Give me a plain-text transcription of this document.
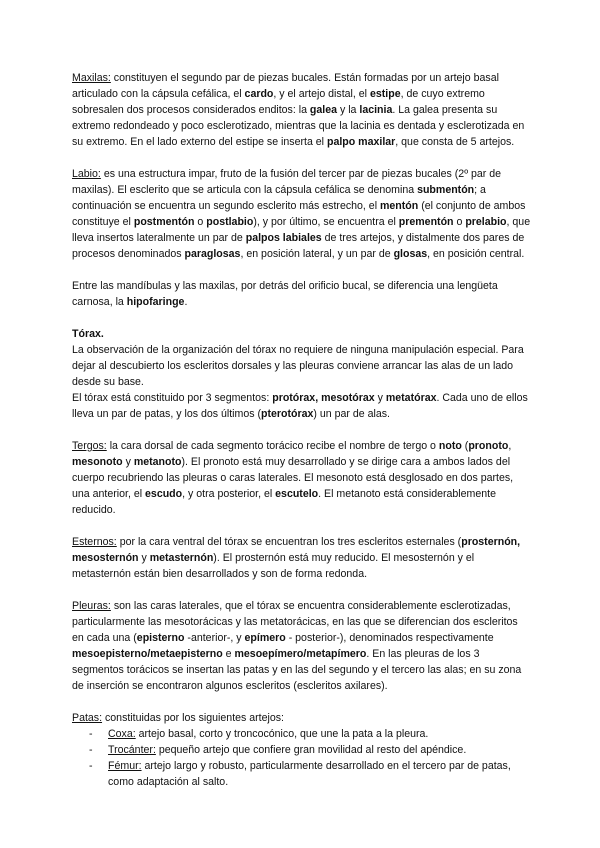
Maxilas: constituyen el segundo par de piezas bucales. Están formadas por un artejo basal articulado con la cápsula cefálica, el cardo, y el artejo distal, el estipe, de cuyo extremo sobresalen dos procesos considerados enditos: la galea y la lacinia. La galea presenta su extremo redondeado y poco esclerotizado, mientras que la lacinia es dentada y esclerotizada en su extremo. En el lado externo del estipe se inserta el palpo maxilar, que consta de 5 artejos.

Labio: es una estructura impar, fruto de la fusión del tercer par de piezas bucales (2º par de maxilas). El esclerito que se articula con la cápsula cefálica se denomina submentón; a continuación se encuentra un segundo esclerito más estrecho, el mentón (el conjunto de ambos constituye el postmentón o postlabio), y por último, se encuentra el prementón o prelabio, que lleva insertos lateralmente un par de palpos labiales de tres artejos, y distalmente dos pares de procesos denominados paraglosas, en posición lateral, y un par de glosas, en posición central.

Entre las mandíbulas y las maxilas, por detrás del orificio bucal, se diferencia una lengüeta carnosa, la hipofaringe.

Tórax.

La observación de la organización del tórax no requiere de ninguna manipulación especial. Para dejar al descubierto los escleritos dorsales y las pleuras conviene arrancar las alas de un lado desde su base.

El tórax está constituido por 3 segmentos: protórax, mesotórax y metatórax. Cada uno de ellos lleva un par de patas, y los dos últimos (pterotórax) un par de alas.

Tergos: la cara dorsal de cada segmento torácico recibe el nombre de tergo o noto (pronoto, mesonoto y metanoto). El pronoto está muy desarrollado y se dirige cara a ambos lados del cuerpo recubriendo las pleuras o caras laterales. El mesonoto está desglosado en dos partes, una anterior, el escudo, y otra posterior, el escutelo. El metanoto está considerablemente reducido.

Esternos: por la cara ventral del tórax se encuentran los tres escleritos esternales (prosternón, mesosternón y metasternón). El prosternón está muy reducido. El mesosternón y el metasternón están bien desarrollados y son de forma redonda.

Pleuras: son las caras laterales, que el tórax se encuentra considerablemente esclerotizadas, particularmente las mesotorácicas y las metatorácicas, en las que se diferencian dos escleritos en cada una (episterno -anterior-, y epímero - posterior-), denominados respectivamente mesoepisterno/metaepisterno e mesoepímero/metapímero. En las pleuras de los 3 segmentos torácicos se insertan las patas y en las del segundo y el tercero las alas; en su zona de inserción se encontraron algunos escleritos (escleritos axilares).

Patas: constituidas por los siguientes artejos:

- Coxa: artejo basal, corto y troncocónico, que une la pata a la pleura.
- Trocánter: pequeño artejo que confiere gran movilidad al resto del apéndice.
- Fémur: artejo largo y robusto, particularmente desarrollado en el tercero par de patas, como adaptación al salto.
